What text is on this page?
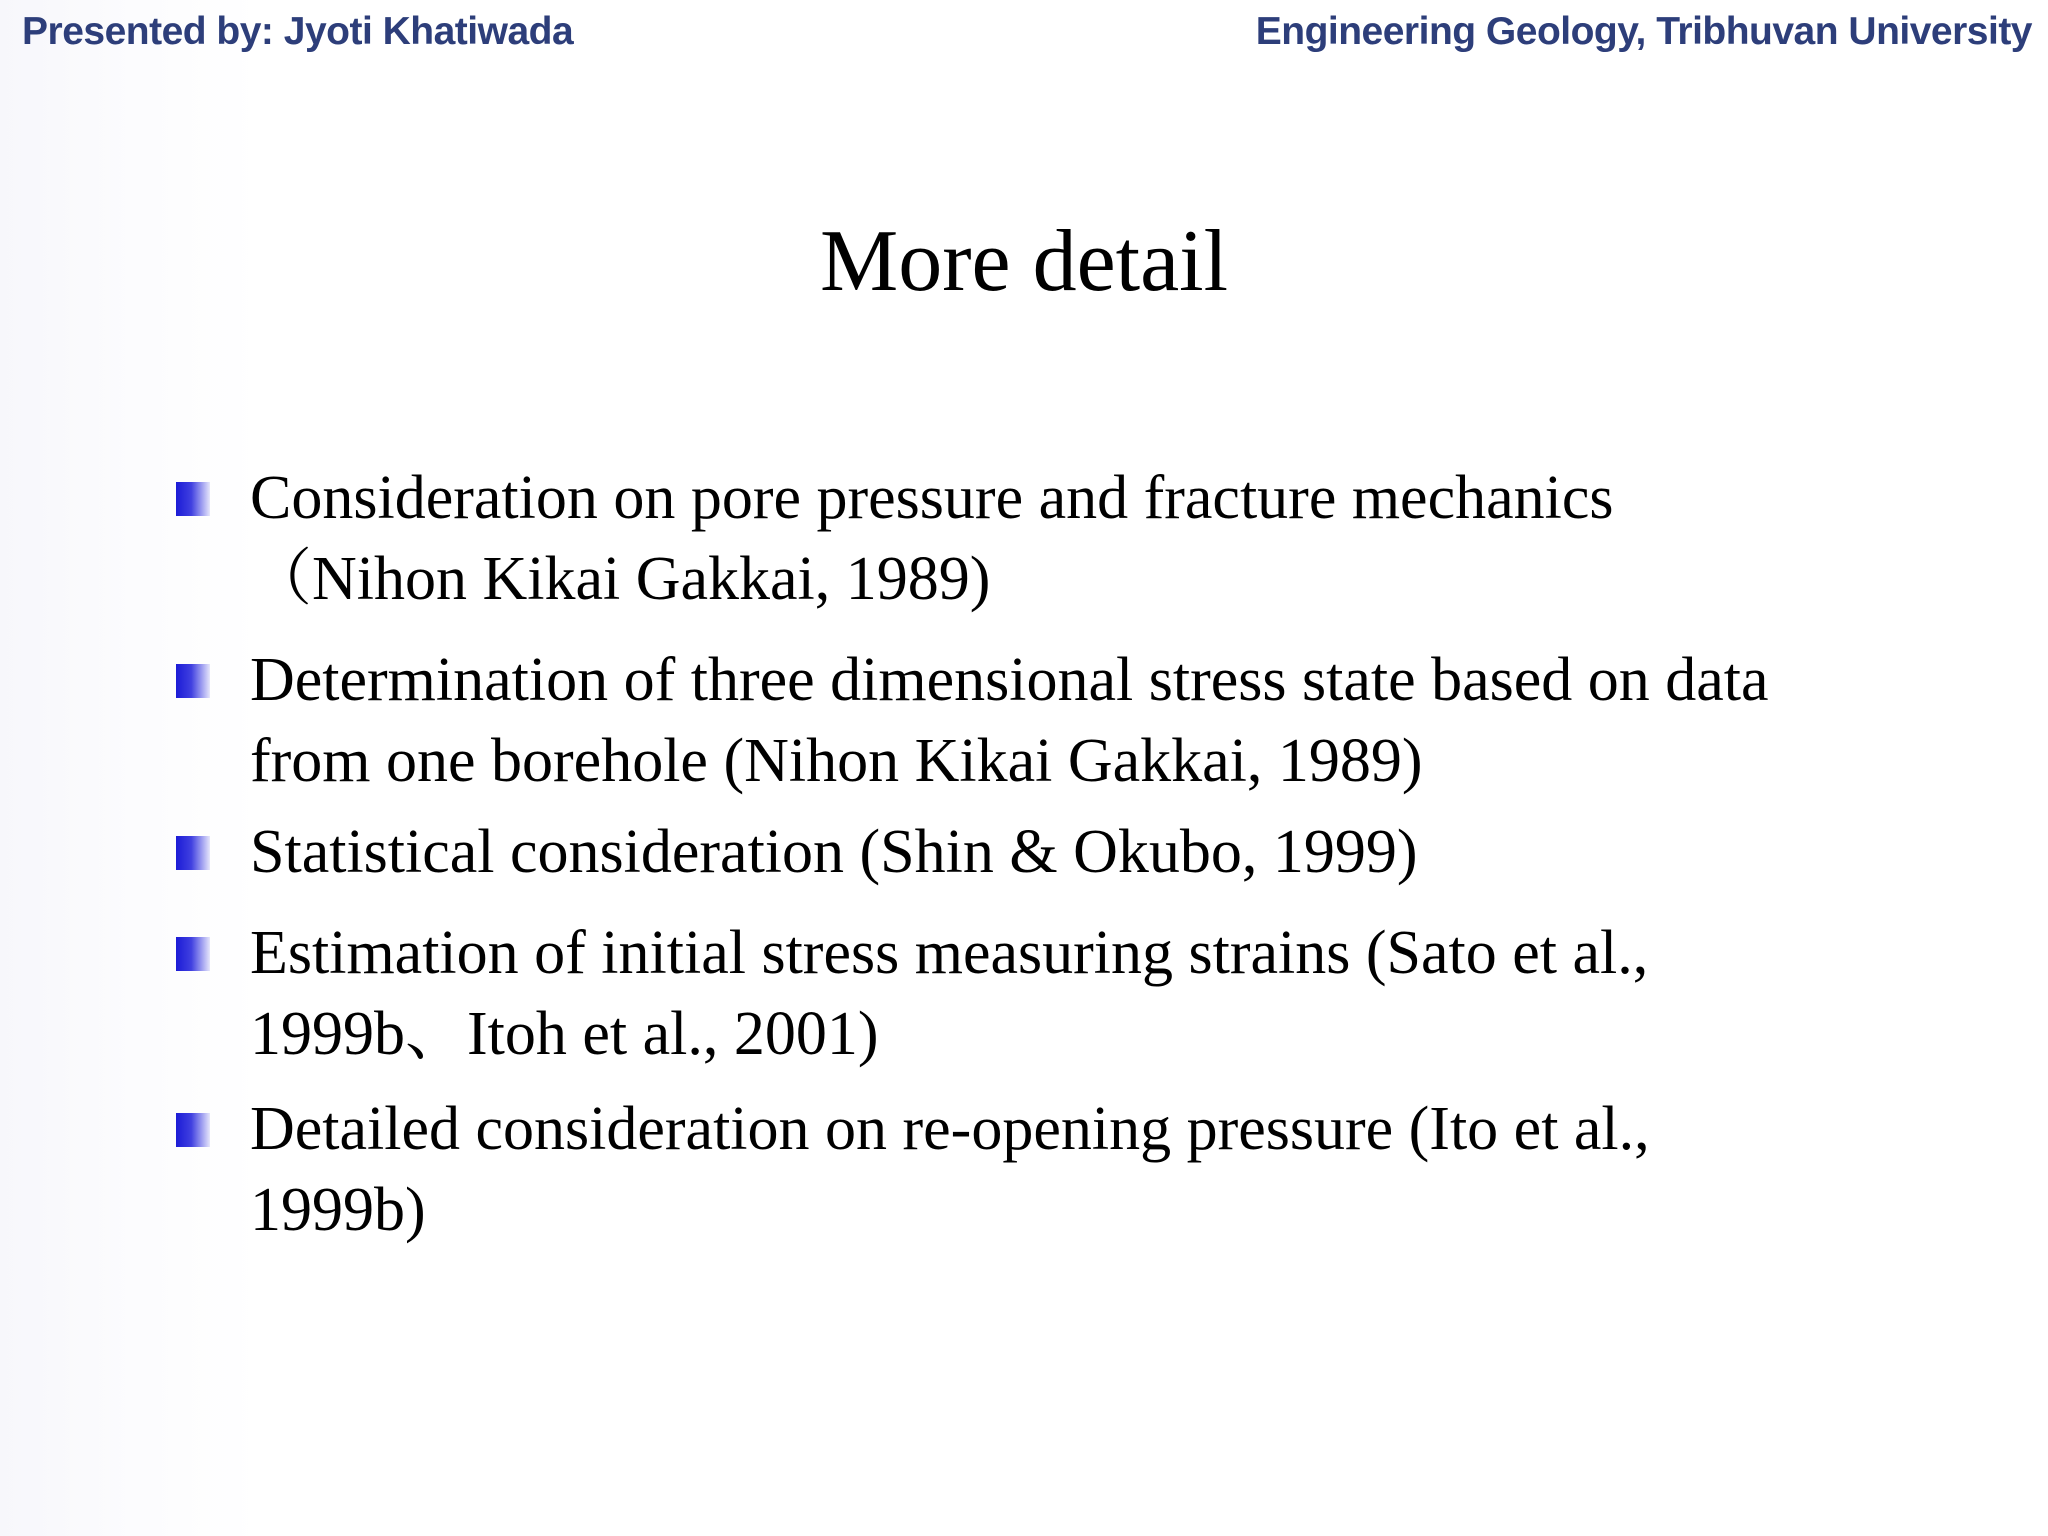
Presented by: Jyoti Khatiwada	Engineering Geology, Tribhuvan University
More detail
Consideration on pore pressure and fracture mechanics
（Nihon Kikai Gakkai, 1989)
Determination of three dimensional stress state based on data from one borehole (Nihon Kikai Gakkai, 1989)
Statistical consideration (Shin & Okubo, 1999)
Estimation of initial stress measuring strains (Sato et al., 1999b、Itoh et al., 2001)
Detailed consideration on re-opening pressure (Ito et al., 1999b)
